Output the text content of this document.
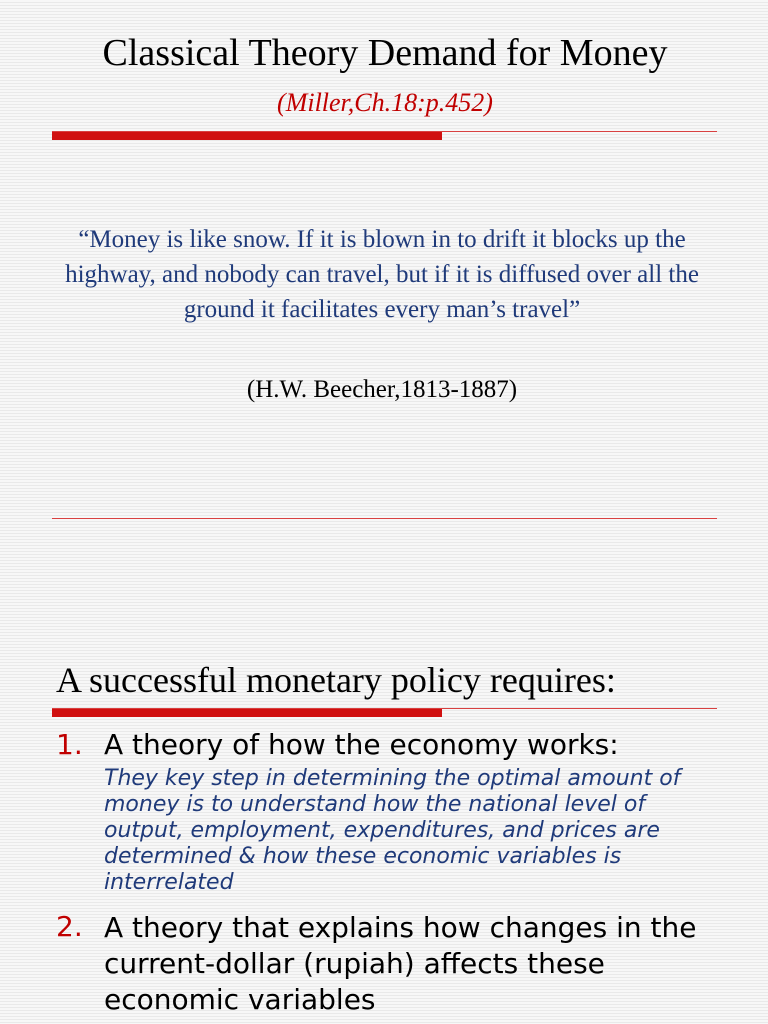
Classical Theory Demand for Money (Miller,Ch.18:p.452)
“Money is like snow. If it is blown in to drift it blocks up the highway, and nobody can travel, but if it is diffused over all the ground it facilitates every man’s travel”
(H.W. Beecher,1813-1887)
A successful monetary policy requires:
1. A theory of how the economy works:
They key step in determining the optimal amount of money is to understand how the national level of output, employment, expenditures, and prices are determined & how these economic variables is interrelated
2. A theory that explains how changes in the current-dollar (rupiah) affects these economic variables
